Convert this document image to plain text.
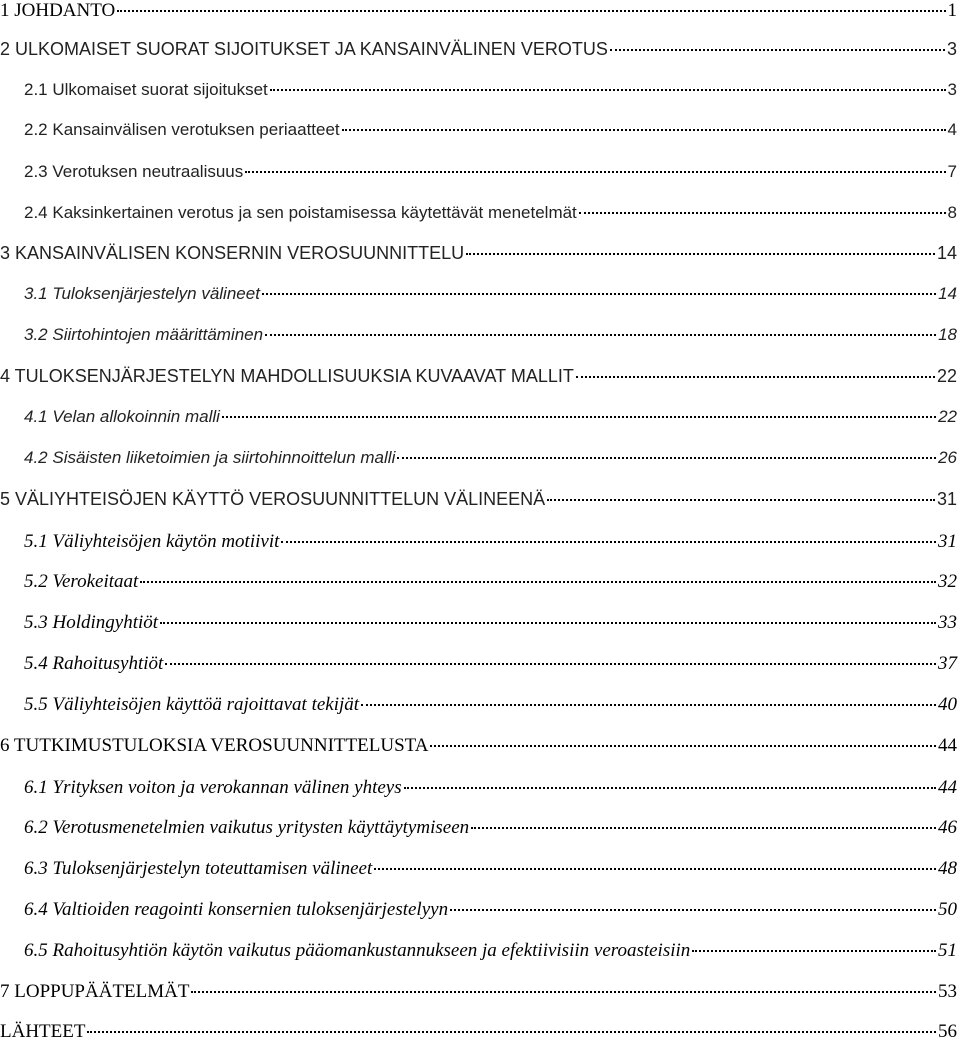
1 JOHDANTO	1
2 ULKOMAISET SUORAT SIJOITUKSET JA KANSAINVÄLINEN VEROTUS	3
2.1 Ulkomaiset suorat sijoitukset	3
2.2 Kansainvälisen verotuksen periaatteet	4
2.3 Verotuksen neutraalisuus	7
2.4 Kaksinkertainen verotus ja sen poistamisessa käytettävät menetelmät	8
3 KANSAINVÄLISEN KONSERNIN VEROSUUNNITTELU	14
3.1 Tuloksenjärjestelyn välineet	14
3.2 Siirtohintojen määrittäminen	18
4 TULOKSENJÄRJESTELYN MAHDOLLISUUKSIA KUVAAVAT MALLIT	22
4.1 Velan allokoinnin malli	22
4.2 Sisäisten liiketoimien ja siirtohinnoittelun malli	26
5 VÄLIYHTEISÖJEN KÄYTTÖ VEROSUUNNITTELUN VÄLINEENÄ	31
5.1 Väliyhteisöjen käytön motiivit	31
5.2 Verokeitaat	32
5.3 Holdingyhtiöt	33
5.4 Rahoitusyhtiöt	37
5.5 Väliyhteisöjen käyttöä rajoittavat tekijät	40
6 TUTKIMUSTULOKSIA VEROSUUNNITTELUSTA	44
6.1 Yrityksen voiton ja verokannan välinen yhteys	44
6.2 Verotusmenetelmien vaikutus yritysten käyttäytymiseen	46
6.3 Tuloksenjärjestelyn toteuttamisen välineet	48
6.4 Valtioiden reagointi konsernien tuloksenjärjestelyyn	50
6.5 Rahoitusyhtiön käytön vaikutus pääomankustannukseen ja efektiivisiin veroasteisiin	51
7 LOPPUPÄÄTELMÄT	53
LÄHTEET	56
